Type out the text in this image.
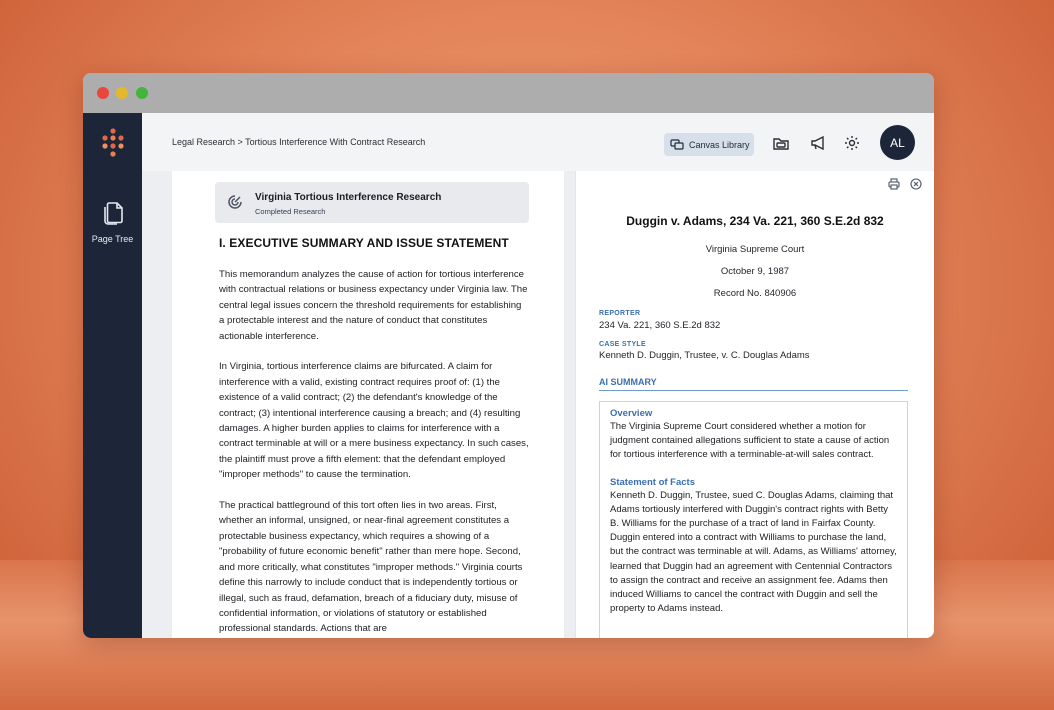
Page Tree
Legal Research > Tortious Interference With Contract Research	Canvas Library	AL
Virginia Tortious Interference Research
Completed Research
I. EXECUTIVE SUMMARY AND ISSUE STATEMENT

This memorandum analyzes the cause of action for tortious interference with contractual relations or business expectancy under Virginia law. The central legal issues concern the threshold requirements for establishing a protectable interest and the nature of conduct that constitutes actionable interference.

In Virginia, tortious interference claims are bifurcated. A claim for interference with a valid, existing contract requires proof of: (1) the existence of a valid contract; (2) the defendant's knowledge of the contract; (3) intentional interference causing a breach; and (4) resulting damages. A higher burden applies to claims for interference with a contract terminable at will or a mere business expectancy. In such cases, the plaintiff must prove a fifth element: that the defendant employed "improper methods" to cause the termination.

The practical battleground of this tort often lies in two areas. First, whether an informal, unsigned, or near-final agreement constitutes a protectable business expectancy, which requires a showing of a "probability of future economic benefit" rather than mere hope. Second, and more critically, what constitutes "improper methods." Virginia courts define this narrowly to include conduct that is independently tortious or illegal, such as fraud, defamation, breach of a fiduciary duty, misuse of confidential information, or violations of statutory or established professional standards. Actions that are

Duggin v. Adams, 234 Va. 221, 360 S.E.2d 832
Virginia Supreme Court
October 9, 1987
Record No. 840906
REPORTER
234 Va. 221, 360 S.E.2d 832
CASE STYLE
Kenneth D. Duggin, Trustee, v. C. Douglas Adams
AI SUMMARY
Overview
The Virginia Supreme Court considered whether a motion for judgment contained allegations sufficient to state a cause of action for tortious interference with a terminable-at-will sales contract.
Statement of Facts
Kenneth D. Duggin, Trustee, sued C. Douglas Adams, claiming that Adams tortiously interfered with Duggin's contract rights with Betty B. Williams for the purchase of a tract of land in Fairfax County. Duggin entered into a contract with Williams to purchase the land, but the contract was terminable at will. Adams, as Williams' attorney, learned that Duggin had an agreement with Centennial Contractors to assign the contract and receive an assignment fee. Adams then induced Williams to cancel the contract with Duggin and sell the property to Adams instead.
